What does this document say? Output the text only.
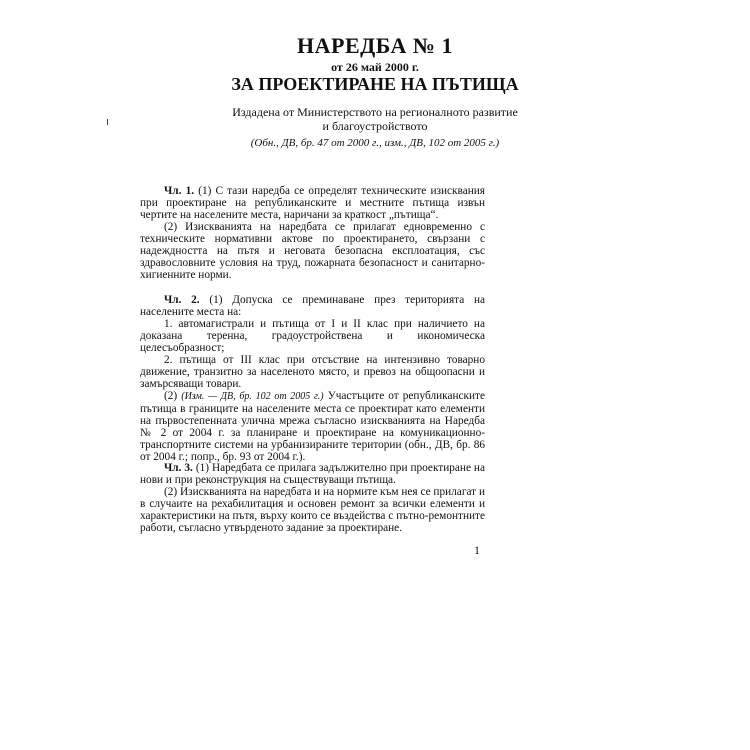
НАРЕДБА № 1
от 26 май 2000 г.
ЗА ПРОЕКТИРАНЕ НА ПЪТИЩА
Издадена от Министерството на регионалното развитие
и благоустройството
(Обн., ДВ, бр. 47 от 2000 г., изм., ДВ, 102 от 2005 г.)

Чл. 1. (1) С тази наредба се определят техническите изисквания при проектиране на републиканските и местните пътища извън чертите на населените места, наричани за краткост „пътища“.

(2) Изискванията на наредбата се прилагат едновременно с техническите нормативни актове по проектирането, свързани с надеждността на пътя и неговата безопасна експлоатация, със здравословните условия на труд, пожарната безопасност и санитарно-хигиенните норми.

Чл. 2. (1) Допуска се преминаване през територията на населените места на:

1. автомагистрали и пътища от I и II клас при наличието на доказана теренна, градоустройствена и икономическа целесъобразност;

2. пътища от III клас при отсъствие на интензивно товарно движение, транзитно за населеното място, и превоз на общоопасни и замърсяващи товари.

(2) (Изм. — ДВ, бр. 102 от 2005 г.) Участъците от републиканските пътища в границите на населените места се проектират като елементи на първостепенната улична мрежа съгласно изискванията на Наредба № 2 от 2004 г. за планиране и проектиране на комуникационно-транспортните системи на урбанизираните територии (обн., ДВ, бр. 86 от 2004 г.; попр., бр. 93 от 2004 г.).

Чл. 3. (1) Наредбата се прилага задължително при проектиране на нови и при реконструкция на съществуващи пътища.

(2) Изискванията на наредбата и на нормите към нея се прилагат и в случаите на рехабилитация и основен ремонт за всички елементи и характеристики на пътя, върху които се въздейства с пътно-ремонтните работи, съгласно утвърденото задание за проектиране.

1
